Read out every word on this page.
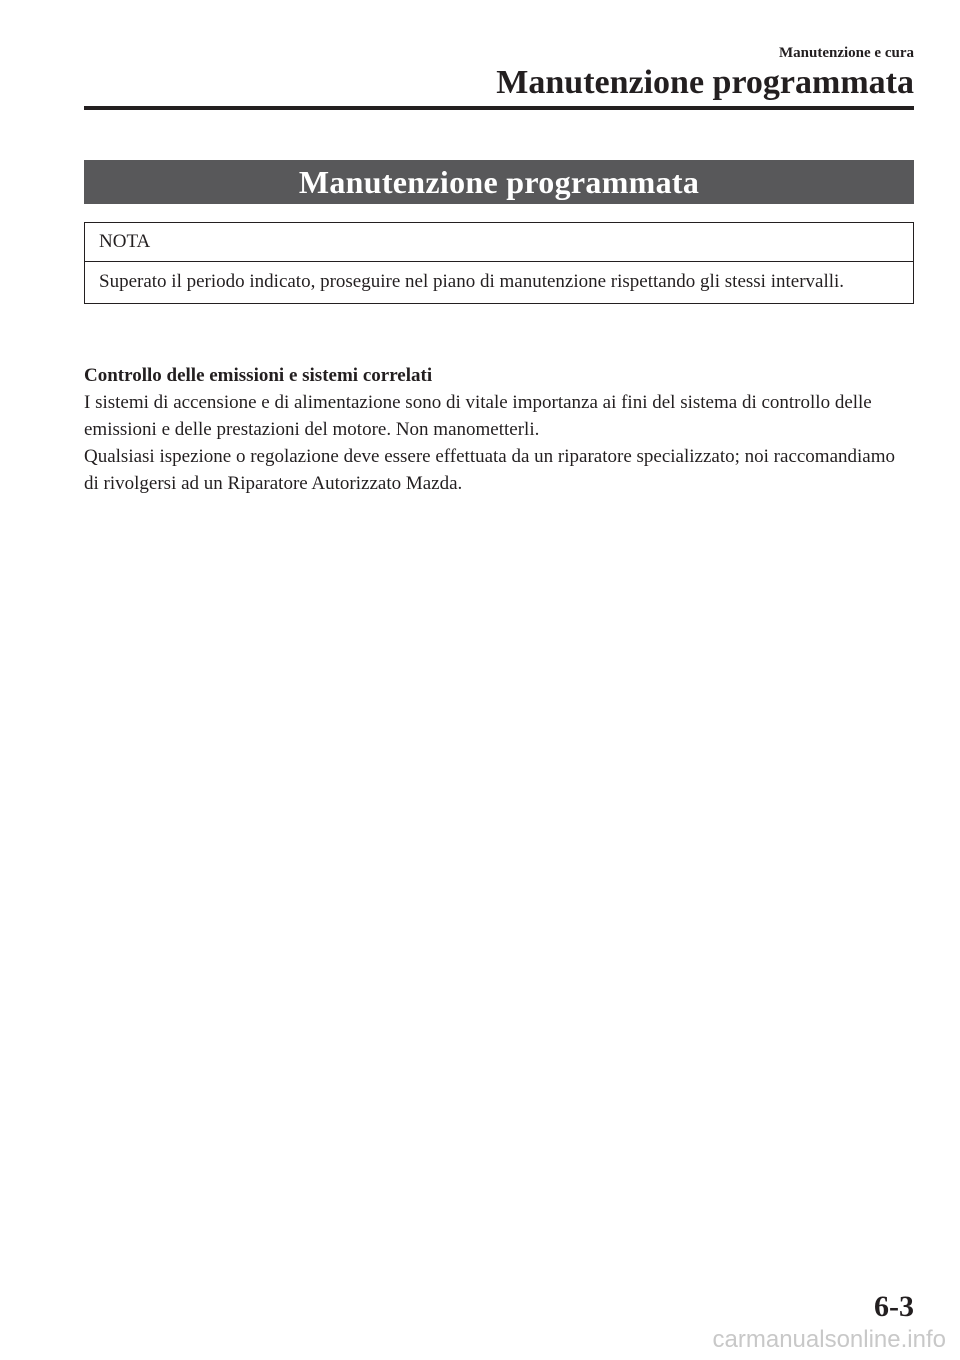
Manutenzione e cura
Manutenzione programmata
Manutenzione programmata
NOTA
Superato il periodo indicato, proseguire nel piano di manutenzione rispettando gli stessi intervalli.
Controllo delle emissioni e sistemi correlati

I sistemi di accensione e di alimentazione sono di vitale importanza ai fini del sistema di controllo delle emissioni e delle prestazioni del motore. Non manometterli.

Qualsiasi ispezione o regolazione deve essere effettuata da un riparatore specializzato; noi raccomandiamo di rivolgersi ad un Riparatore Autorizzato Mazda.

6-3
carmanualsonline.info
